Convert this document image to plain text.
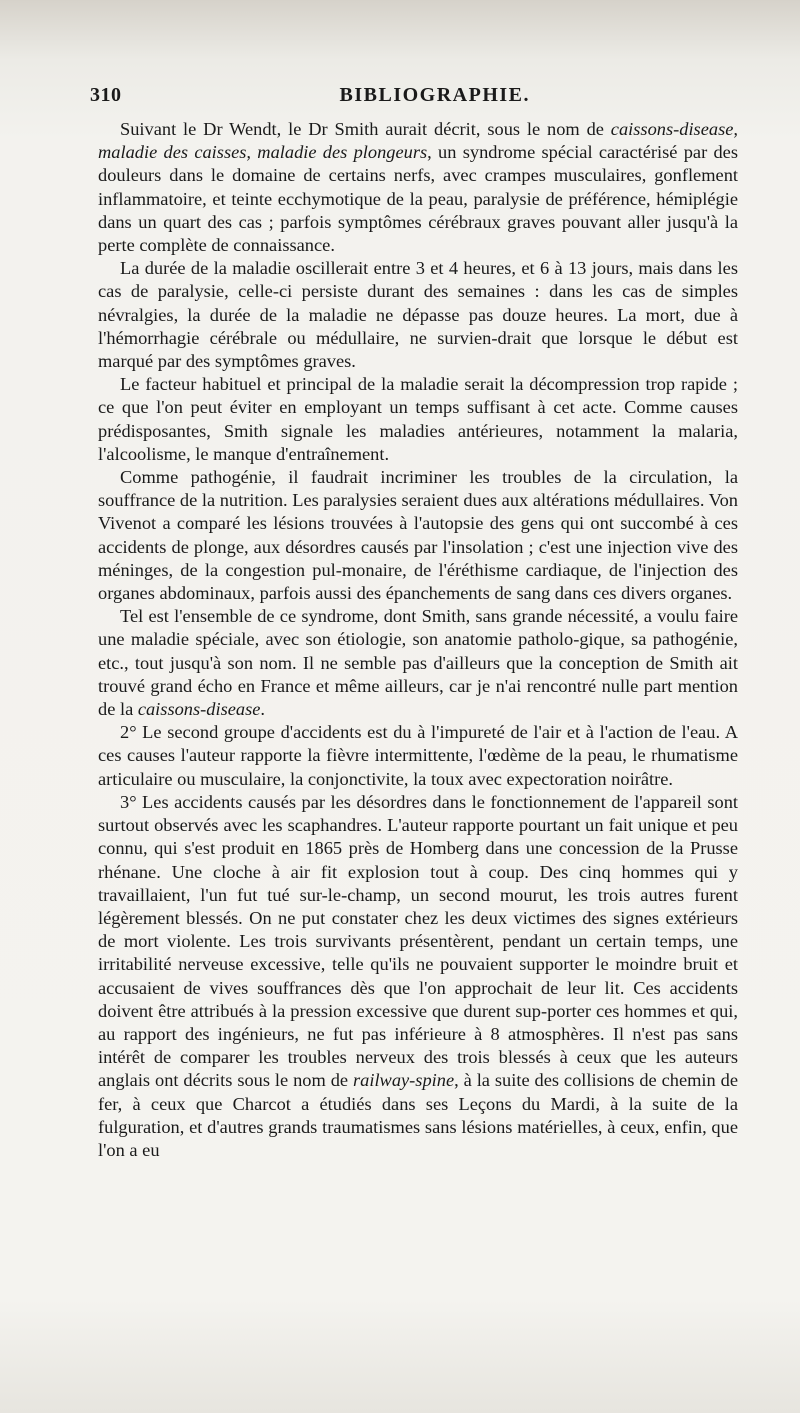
310	BIBLIOGRAPHIE.

Suivant le Dr Wendt, le Dr Smith aurait décrit, sous le nom de caissons-disease, maladie des caisses, maladie des plongeurs, un syndrome spécial caractérisé par des douleurs dans le domaine de certains nerfs, avec crampes musculaires, gonflement inflammatoire, et teinte ecchymotique de la peau, paralysie de préférence, hémiplégie dans un quart des cas ; parfois symptômes cérébraux graves pouvant aller jusqu'à la perte complète de connaissance.

La durée de la maladie oscillerait entre 3 et 4 heures, et 6 à 13 jours, mais dans les cas de paralysie, celle-ci persiste durant des semaines : dans les cas de simples névralgies, la durée de la maladie ne dépasse pas douze heures. La mort, due à l'hémorrhagie cérébrale ou médullaire, ne survien-drait que lorsque le début est marqué par des symptômes graves.

Le facteur habituel et principal de la maladie serait la décompression trop rapide ; ce que l'on peut éviter en employant un temps suffisant à cet acte. Comme causes prédisposantes, Smith signale les maladies antérieures, notamment la malaria, l'alcoolisme, le manque d'entraînement.

Comme pathogénie, il faudrait incriminer les troubles de la circulation, la souffrance de la nutrition. Les paralysies seraient dues aux altérations médullaires. Von Vivenot a comparé les lésions trouvées à l'autopsie des gens qui ont succombé à ces accidents de plonge, aux désordres causés par l'insolation ; c'est une injection vive des méninges, de la congestion pul-monaire, de l'éréthisme cardiaque, de l'injection des organes abdominaux, parfois aussi des épanchements de sang dans ces divers organes.

Tel est l'ensemble de ce syndrome, dont Smith, sans grande nécessité, a voulu faire une maladie spéciale, avec son étiologie, son anatomie patholo-gique, sa pathogénie, etc., tout jusqu'à son nom. Il ne semble pas d'ailleurs que la conception de Smith ait trouvé grand écho en France et même ailleurs, car je n'ai rencontré nulle part mention de la caissons-disease.

2° Le second groupe d'accidents est du à l'impureté de l'air et à l'action de l'eau. A ces causes l'auteur rapporte la fièvre intermittente, l'œdème de la peau, le rhumatisme articulaire ou musculaire, la conjonctivite, la toux avec expectoration noirâtre.

3° Les accidents causés par les désordres dans le fonctionnement de l'appareil sont surtout observés avec les scaphandres. L'auteur rapporte pourtant un fait unique et peu connu, qui s'est produit en 1865 près de Homberg dans une concession de la Prusse rhénane. Une cloche à air fit explosion tout à coup. Des cinq hommes qui y travaillaient, l'un fut tué sur-le-champ, un second mourut, les trois autres furent légèrement blessés. On ne put constater chez les deux victimes des signes extérieurs de mort violente. Les trois survivants présentèrent, pendant un certain temps, une irritabilité nerveuse excessive, telle qu'ils ne pouvaient supporter le moindre bruit et accusaient de vives souffrances dès que l'on approchait de leur lit. Ces accidents doivent être attribués à la pression excessive que durent sup-porter ces hommes et qui, au rapport des ingénieurs, ne fut pas inférieure à 8 atmosphères. Il n'est pas sans intérêt de comparer les troubles nerveux des trois blessés à ceux que les auteurs anglais ont décrits sous le nom de railway-spine, à la suite des collisions de chemin de fer, à ceux que Charcot a étudiés dans ses Leçons du Mardi, à la suite de la fulguration, et d'autres grands traumatismes sans lésions matérielles, à ceux, enfin, que l'on a eu
